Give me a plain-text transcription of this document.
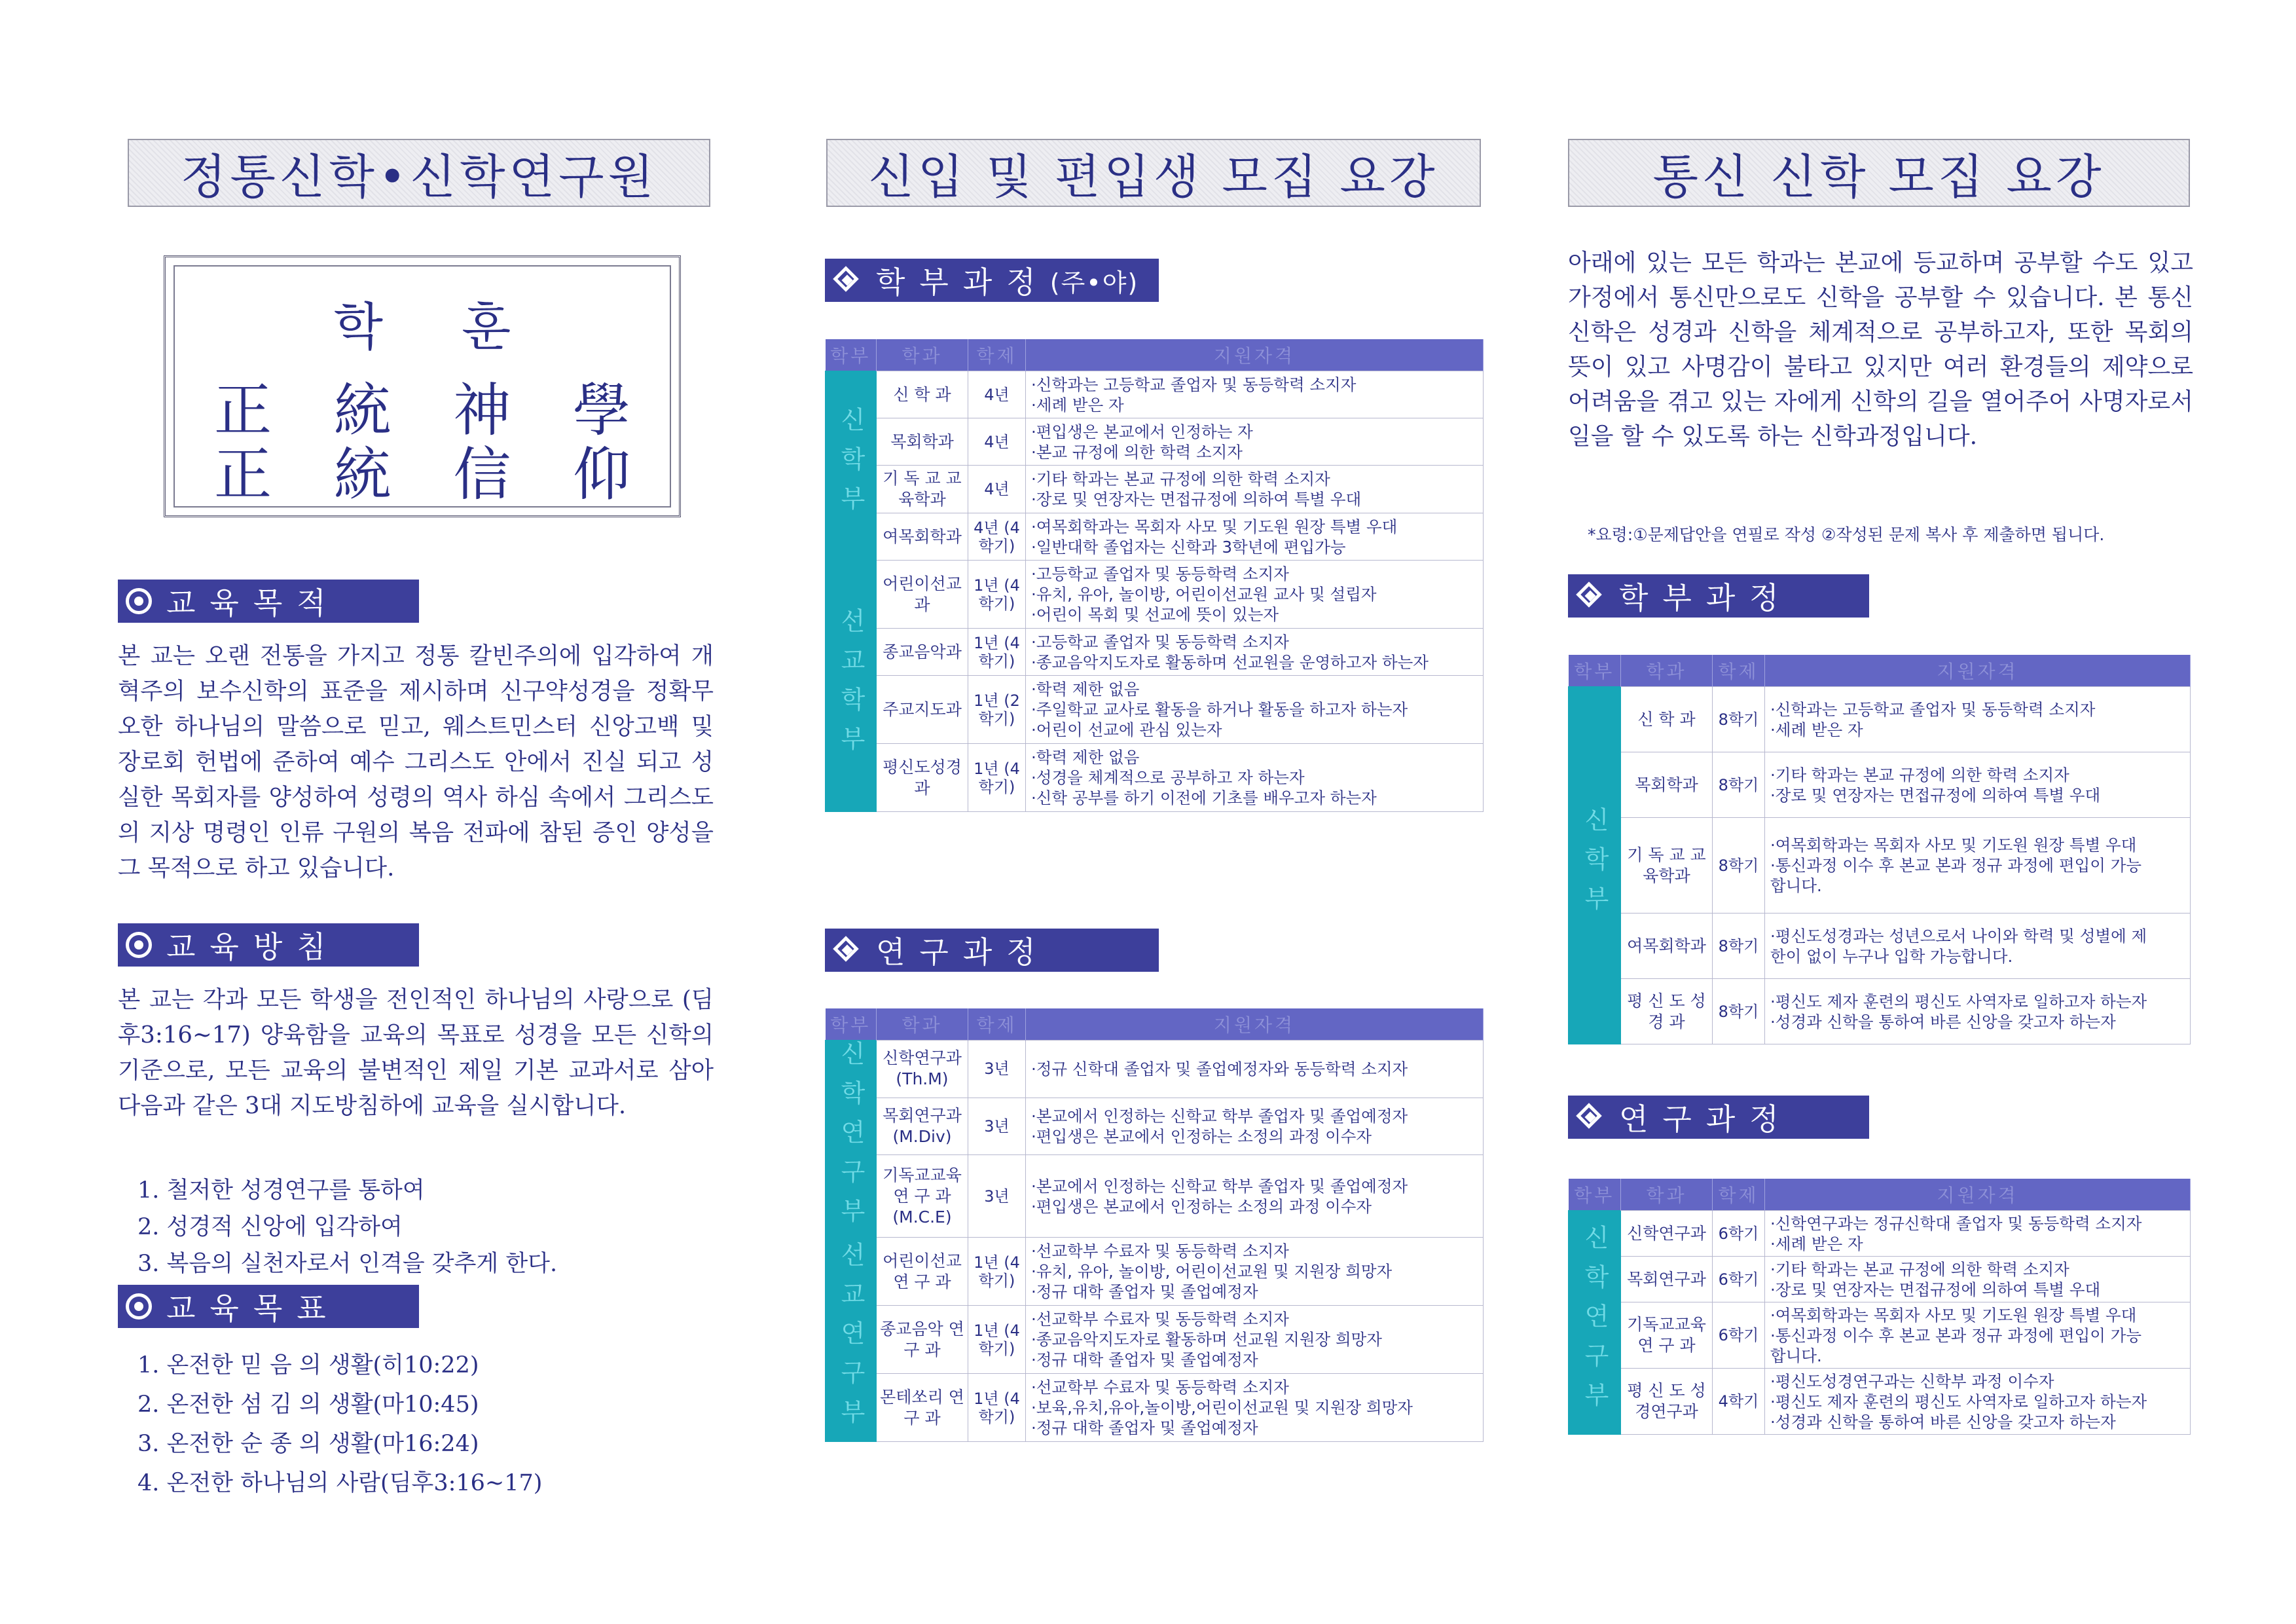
정통신학•신학연구원
학훈
正 統 神 學
正 統 信 仰
교육목적
본 교는 오랜 전통을 가지고 정통 칼빈주의에 입각하여 개혁주의 보수신학의 표준을 제시하며 신구약성경을 정확무오한 하나님의 말씀으로 믿고, 웨스트민스터 신앙고백 및 장로회 헌법에 준하여 예수 그리스도 안에서 진실 되고 성실한 목회자를 양성하여 성령의 역사 하심 속에서 그리스도의 지상 명령인 인류 구원의 복음 전파에 참된 증인 양성을 그 목적으로 하고 있습니다.
교육방침
본 교는 각과 모든 학생을 전인적인 하나님의 사랑으로 (딤후3:16~17) 양육함을 교육의 목표로 성경을 모든 신학의 기준으로, 모든 교육의 불변적인 제일 기본 교과서로 삼아 다음과 같은 3대 지도방침하에 교육을 실시합니다.
1. 철저한 성경연구를 통하여
2. 성경적 신앙에 입각하여
3. 복음의 실천자로서 인격을 갖추게 한다.
교육목표
1. 온전한 믿 음 의 생활(히10:22)
2. 온전한 섬 김 의 생활(마10:45)
3. 온전한 순 종 의 생활(마16:24)
4. 온전한 하나님의 사람(딤후3:16~17)
신입 및 편입생 모집 요강
학부과정 (주•야)
학부	학과	학제	지원자격
신학부	신 학 과	4년	·신학과는 고등학교 졸업자 및 동등학력 소지자
·세례 받은 자

	목회학과	4년	·편입생은 본교에서 인정하는 자
·본교 규정에 의한 학력 소지자

	기 독 교 교육학과	4년	·기타 학과는 본교 규정에 의한 학력 소지자
·장로 및 연장자는 면접규정에 의하여 특별 우대

	여목회학과	4년 (4학기)	·여목회학과는 목회자 사모 및 기도원 원장 특별 우대
·일반대학 졸업자는 신학과 3학년에 편입가능

선교학부	어린이선교과	1년 (4학기)	·고등학교 졸업자 및 동등학력 소지자
·유치, 유아, 놀이방, 어린이선교원 교사 및 설립자
·어린이 목회 및 선교에 뜻이 있는자

	종교음악과	1년 (4학기)	·고등학교 졸업자 및 동등학력 소지자
·종교음악지도자로 활동하며 선교원을 운영하고자 하는자

	주교지도과	1년 (2학기)	·학력 제한 없음
·주일학교 교사로 활동을 하거나 활동을 하고자 하는자
·어린이 선교에 관심 있는자

	평신도성경과	1년 (4학기)	·학력 제한 없음
·성경을 체계적으로 공부하고 자 하는자
·신학 공부를 하기 이전에 기초를 배우고자 하는자
연구과정
학부	학과	학제	지원자격
신학연구부	신학연구과 (Th.M)	3년	·정규 신학대 졸업자 및 졸업예정자와 동등학력 소지자

	목회연구과 (M.Div)	3년	·본교에서 인정하는 신학교 학부 졸업자 및 졸업예정자
·편입생은 본교에서 인정하는 소정의 과정 이수자

	기독교교육 연 구 과 (M.C.E)	3년	·본교에서 인정하는 신학교 학부 졸업자 및 졸업예정자
·편입생은 본교에서 인정하는 소정의 과정 이수자

선교연구부	어린이선교 연 구 과	1년 (4학기)	·선교학부 수료자 및 동등학력 소지자
·유치, 유아, 놀이방, 어린이선교원 및 지원장 희망자
·정규 대학 졸업자 및 졸업예정자

	종교음악 연 구 과	1년 (4학기)	·선교학부 수료자 및 동등학력 소지자
·종교음악지도자로 활동하며 선교원 지원장 희망자
·정규 대학 졸업자 및 졸업예정자

	몬테쏘리 연 구 과	1년 (4학기)	·선교학부 수료자 및 동등학력 소지자
·보육,유치,유아,놀이방,어린이선교원 및 지원장 희망자
·정규 대학 졸업자 및 졸업예정자
통신 신학 모집 요강
아래에 있는 모든 학과는 본교에 등교하며 공부할 수도 있고 가정에서 통신만으로도 신학을 공부할 수 있습니다. 본 통신신학은 성경과 신학을 체계적으로 공부하고자, 또한 목회의 뜻이 있고 사명감이 불타고 있지만 여러 환경들의 제약으로 어려움을 겪고 있는 자에게 신학의 길을 열어주어 사명자로서 일을 할 수 있도록 하는 신학과정입니다.
*요령:①문제답안을 연필로 작성 ②작성된 문제 복사 후 제출하면 됩니다.
학부과정
학부	학과	학제	지원자격
신학부	신 학 과	8학기	·신학과는 고등학교 졸업자 및 동등학력 소지자
·세례 받은 자

	목회학과	8학기	·기타 학과는 본교 규정에 의한 학력 소지자
·장로 및 연장자는 면접규정에 의하여 특별 우대

	기 독 교 교육학과	8학기	·여목회학과는 목회자 사모 및 기도원 원장 특별 우대
·통신과정 이수 후 본교 본과 정규 과정에 편입이 가능
합니다.

	여목회학과	8학기	·평신도성경과는 성년으로서 나이와 학력 및 성별에 제
한이 없이 누구나 입학 가능합니다.

	평 신 도 성 경 과	8학기	·평신도 제자 훈련의 평신도 사역자로 일하고자 하는자
·성경과 신학을 통하여 바른 신앙을 갖고자 하는자
연구과정
학부	학과	학제	지원자격
신학연구부	신학연구과	6학기	·신학연구과는 정규신학대 졸업자 및 동등학력 소지자
·세례 받은 자

	목회연구과	6학기	·기타 학과는 본교 규정에 의한 학력 소지자
·장로 및 연장자는 면접규정에 의하여 특별 우대

	기독교교육 연 구 과	6학기	·여목회학과는 목회자 사모 및 기도원 원장 특별 우대
·통신과정 이수 후 본교 본과 정규 과정에 편입이 가능
합니다.

	평 신 도 성경연구과	4학기	·평신도성경연구과는 신학부 과정 이수자
·평신도 제자 훈련의 평신도 사역자로 일하고자 하는자
·성경과 신학을 통하여 바른 신앙을 갖고자 하는자
